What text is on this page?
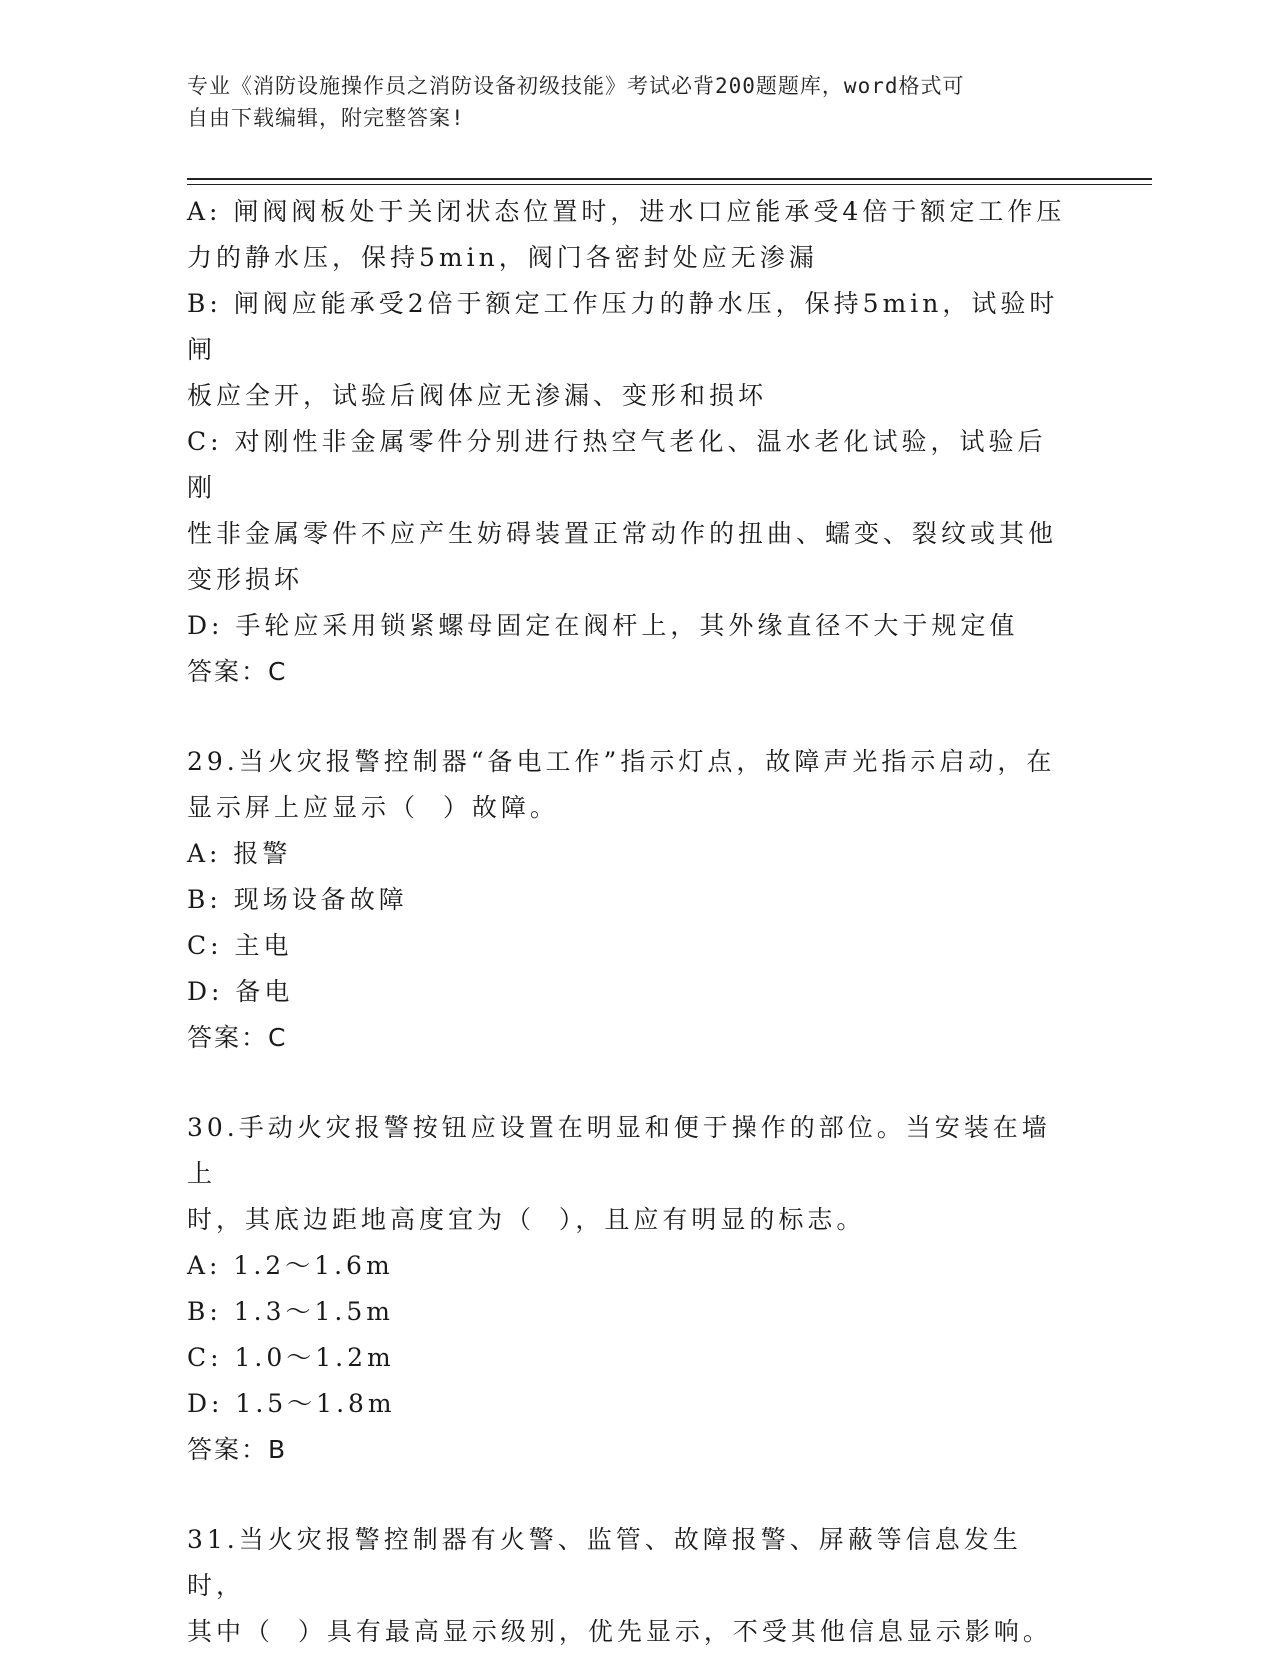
专业《消防设施操作员之消防设备初级技能》考试必背200题题库，word格式可
自由下载编辑，附完整答案!

A: 闸阀阀板处于关闭状态位置时，进水口应能承受4倍于额定工作压

力的静水压，保持5min，阀门各密封处应无渗漏

B: 闸阀应能承受2倍于额定工作压力的静水压，保持5min，试验时闸

板应全开，试验后阀体应无渗漏、变形和损坏

C: 对刚性非金属零件分别进行热空气老化、温水老化试验，试验后刚

性非金属零件不应产生妨碍装置正常动作的扭曲、蠕变、裂纹或其他

变形损坏

D: 手轮应采用锁紧螺母固定在阀杆上，其外缘直径不大于规定值

答案：C

29.当火灾报警控制器“备电工作”指示灯点，故障声光指示启动，在

显示屏上应显示（  ）故障。

A: 报警

B: 现场设备故障

C: 主电

D: 备电

答案：C

30.手动火灾报警按钮应设置在明显和便于操作的部位。当安装在墙上

时，其底边距地高度宜为（  ），且应有明显的标志。

A: 1.2～1.6m

B: 1.3～1.5m

C: 1.0～1.2m

D: 1.5～1.8m

答案：B

31.当火灾报警控制器有火警、监管、故障报警、屏蔽等信息发生时，

其中（  ）具有最高显示级别，优先显示，不受其他信息显示影响。
